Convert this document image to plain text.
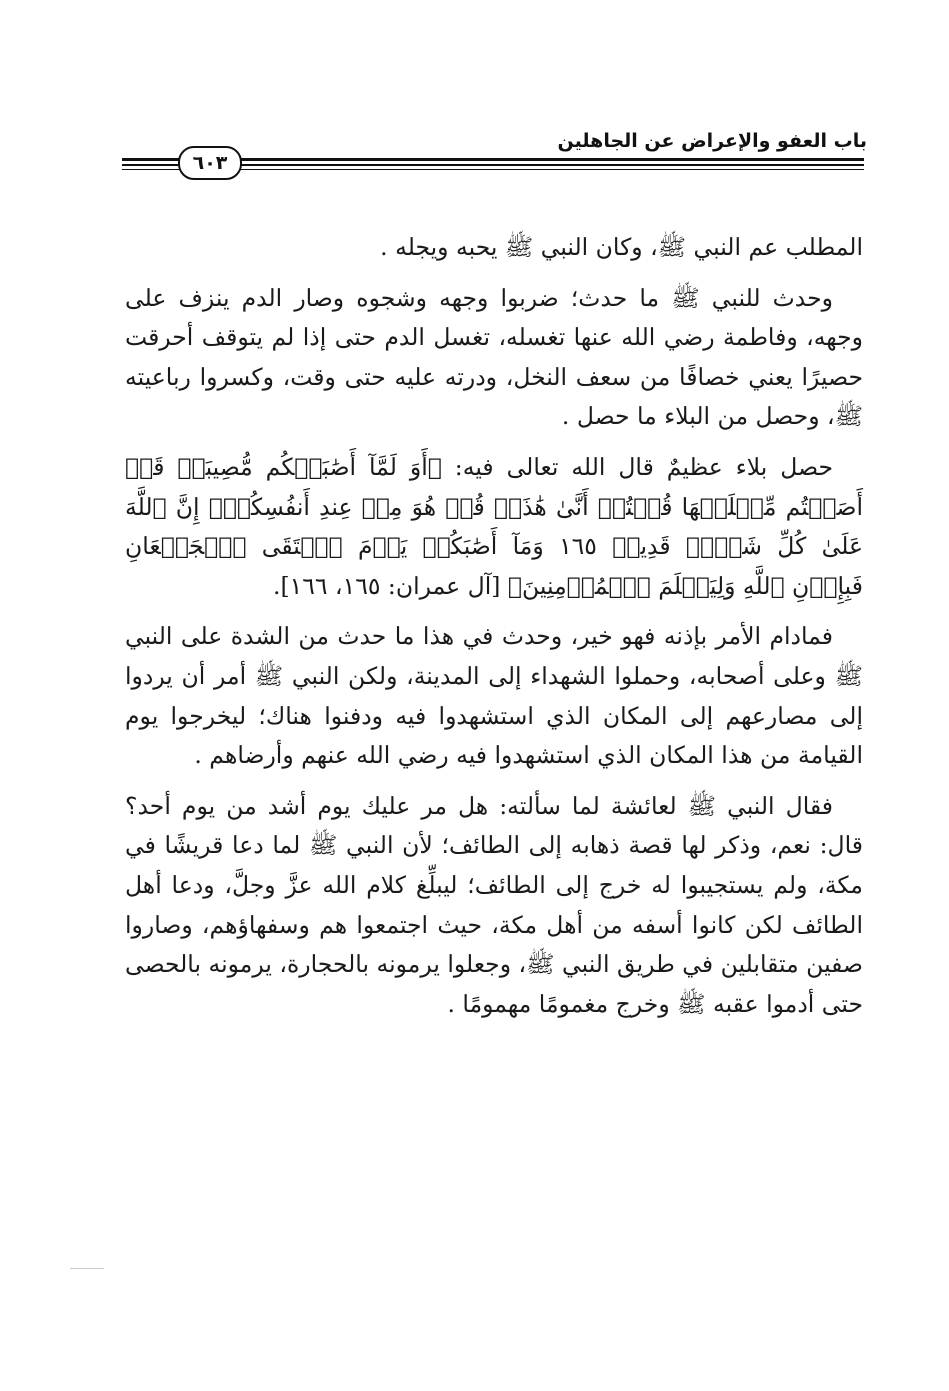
باب العفو والإعراض عن الجاهلين
٦٠٣

المطلب عم النبي ﷺ، وكان النبي ﷺ يحبه ويجله .

وحدث للنبي ﷺ ما حدث؛ ضربوا وجهه وشجوه وصار الدم ينزف على وجهه، وفاطمة رضي الله عنها تغسله، تغسل الدم حتى إذا لم يتوقف أحرقت حصيرًا يعني خصافًا من سعف النخل، ودرته عليه حتى وقت، وكسروا رباعيته ﷺ، وحصل من البلاء ما حصل .

حصل بلاء عظيمٌ قال الله تعالى فيه: ﴿أَوَ لَمَّآ أَصَٰبَتۡكُم مُّصِيبَةٞ قَدۡ أَصَبۡتُم مِّثۡلَيۡهَا قُلۡتُمۡ أَنَّىٰ هَٰذَاۖ قُلۡ هُوَ مِنۡ عِندِ أَنفُسِكُمۡۗ إِنَّ ٱللَّهَ عَلَىٰ كُلِّ شَيۡءٖ قَدِيرٞ ١٦٥ وَمَآ أَصَٰبَكُمۡ يَوۡمَ ٱلۡتَقَى ٱلۡجَمۡعَانِ فَبِإِذۡنِ ٱللَّهِ وَلِيَعۡلَمَ ٱلۡمُؤۡمِنِينَ﴾ [آل عمران: ١٦٥، ١٦٦].

فمادام الأمر بإذنه فهو خير، وحدث في هذا ما حدث من الشدة على النبي ﷺ وعلى أصحابه، وحملوا الشهداء إلى المدينة، ولكن النبي ﷺ أمر أن يردوا إلى مصارعهم إلى المكان الذي استشهدوا فيه ودفنوا هناك؛ ليخرجوا يوم القيامة من هذا المكان الذي استشهدوا فيه رضي الله عنهم وأرضاهم .

فقال النبي ﷺ لعائشة لما سألته: هل مر عليك يوم أشد من يوم أحد؟ قال: نعم، وذكر لها قصة ذهابه إلى الطائف؛ لأن النبي ﷺ لما دعا قريشًا في مكة، ولم يستجيبوا له خرج إلى الطائف؛ ليبلِّغ كلام الله عزَّ وجلَّ، ودعا أهل الطائف لكن كانوا أسفه من أهل مكة، حيث اجتمعوا هم وسفهاؤهم، وصاروا صفين متقابلين في طريق النبي ﷺ، وجعلوا يرمونه بالحجارة، يرمونه بالحصى حتى أدموا عقبه ﷺ وخرج مغمومًا مهمومًا .
